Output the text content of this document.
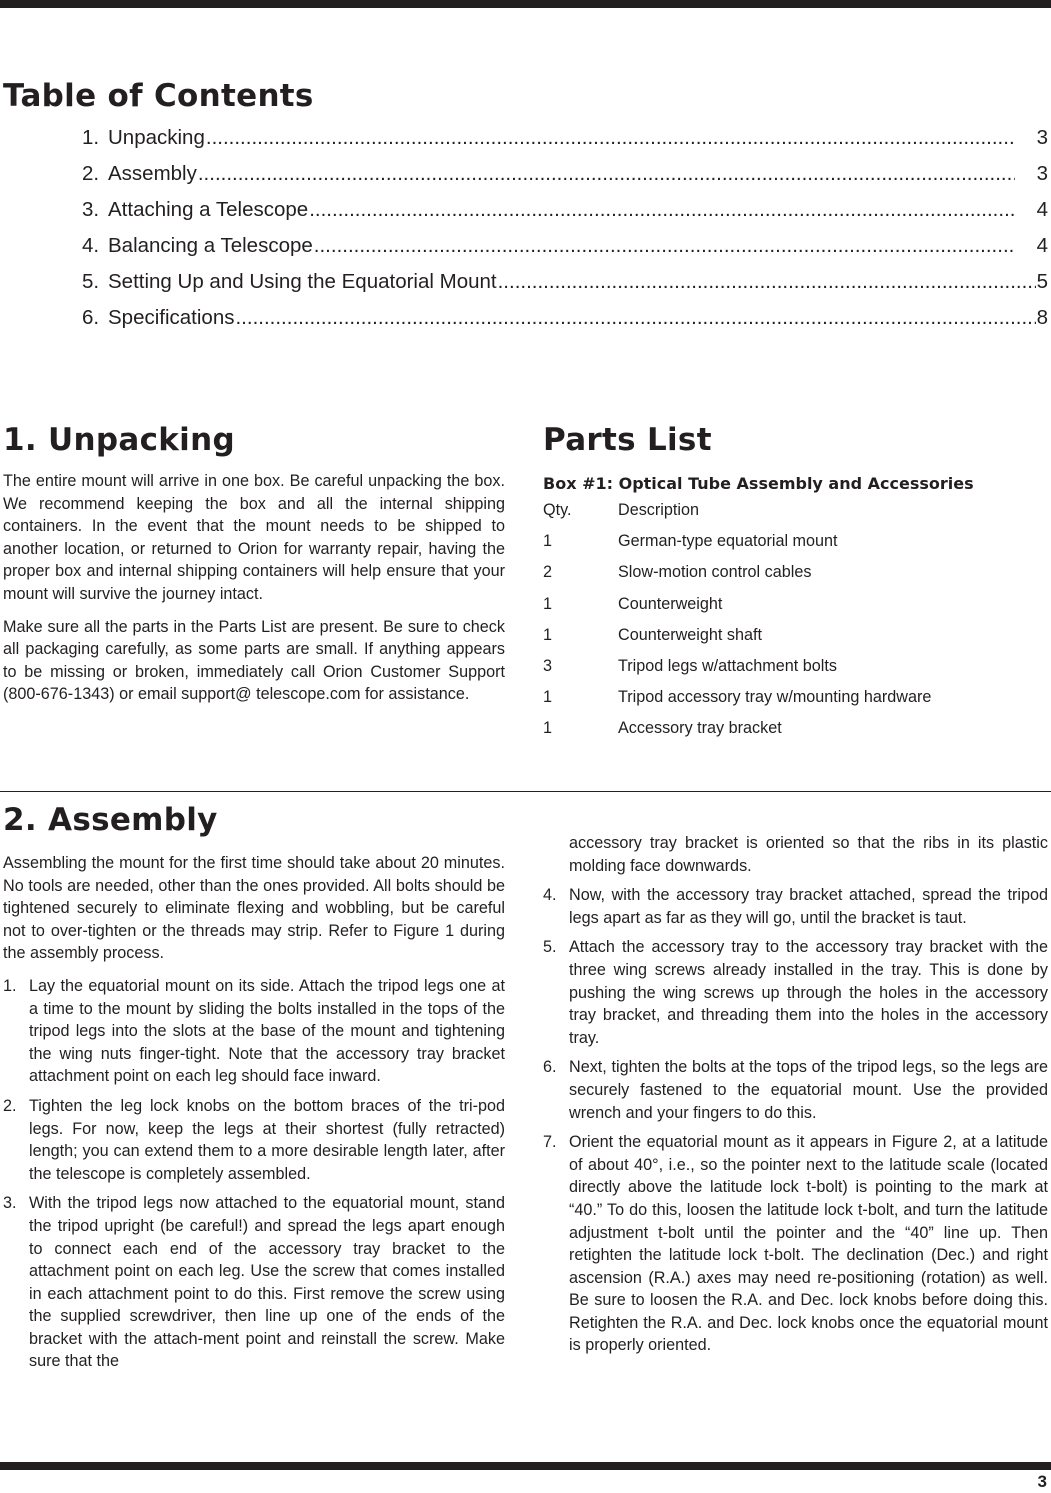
Table of Contents
1. Unpacking .....	3
2. Assembly .....	3
3. Attaching a Telescope .....	4
4. Balancing a Telescope .....	4
5. Setting Up and Using the Equatorial Mount .....	5
6. Specifications .....	8
1. Unpacking

The entire mount will arrive in one box. Be careful unpacking the box. We recommend keeping the box and all the internal shipping containers. In the event that the mount needs to be shipped to another location, or returned to Orion for warranty repair, having the proper box and internal shipping containers will help ensure that your mount will survive the journey intact.

Make sure all the parts in the Parts List are present. Be sure to check all packaging carefully, as some parts are small. If anything appears to be missing or broken, immediately call Orion Customer Support (800-676-1343) or email support@ telescope.com for assistance.

Parts List
Box #1: Optical Tube Assembly and Accessories
Qty.	Description
1	German-type equatorial mount
2	Slow-motion control cables
1	Counterweight
1	Counterweight shaft
3	Tripod legs w/attachment bolts
1	Tripod accessory tray w/mounting hardware
1	Accessory tray bracket
2. Assembly

Assembling the mount for the first time should take about 20 minutes. No tools are needed, other than the ones provided. All bolts should be tightened securely to eliminate flexing and wobbling, but be careful not to over-tighten or the threads may strip. Refer to Figure 1 during the assembly process.

1. Lay the equatorial mount on its side. Attach the tripod legs one at a time to the mount by sliding the bolts installed in the tops of the tripod legs into the slots at the base of the mount and tightening the wing nuts finger-tight. Note that the accessory tray bracket attachment point on each leg should face inward.
2. Tighten the leg lock knobs on the bottom braces of the tri-pod legs. For now, keep the legs at their shortest (fully retracted) length; you can extend them to a more desirable length later, after the telescope is completely assembled.
3. With the tripod legs now attached to the equatorial mount, stand the tripod upright (be careful!) and spread the legs apart enough to connect each end of the accessory tray bracket to the attachment point on each leg. Use the screw that comes installed in each attachment point to do this. First remove the screw using the supplied screwdriver, then line up one of the ends of the bracket with the attach-ment point and reinstall the screw. Make sure that the

accessory tray bracket is oriented so that the ribs in its plastic molding face downwards.

4. Now, with the accessory tray bracket attached, spread the tripod legs apart as far as they will go, until the bracket is taut.
5. Attach the accessory tray to the accessory tray bracket with the three wing screws already installed in the tray. This is done by pushing the wing screws up through the holes in the accessory tray bracket, and threading them into the holes in the accessory tray.
6. Next, tighten the bolts at the tops of the tripod legs, so the legs are securely fastened to the equatorial mount. Use the provided wrench and your fingers to do this.
7. Orient the equatorial mount as it appears in Figure 2, at a latitude of about 40°, i.e., so the pointer next to the latitude scale (located directly above the latitude lock t-bolt) is pointing to the mark at “40.” To do this, loosen the latitude lock t-bolt, and turn the latitude adjustment t-bolt until the pointer and the “40” line up. Then retighten the latitude lock t-bolt. The declination (Dec.) and right ascension (R.A.) axes may need re-positioning (rotation) as well. Be sure to loosen the R.A. and Dec. lock knobs before doing this. Retighten the R.A. and Dec. lock knobs once the equatorial mount is properly oriented.
3
